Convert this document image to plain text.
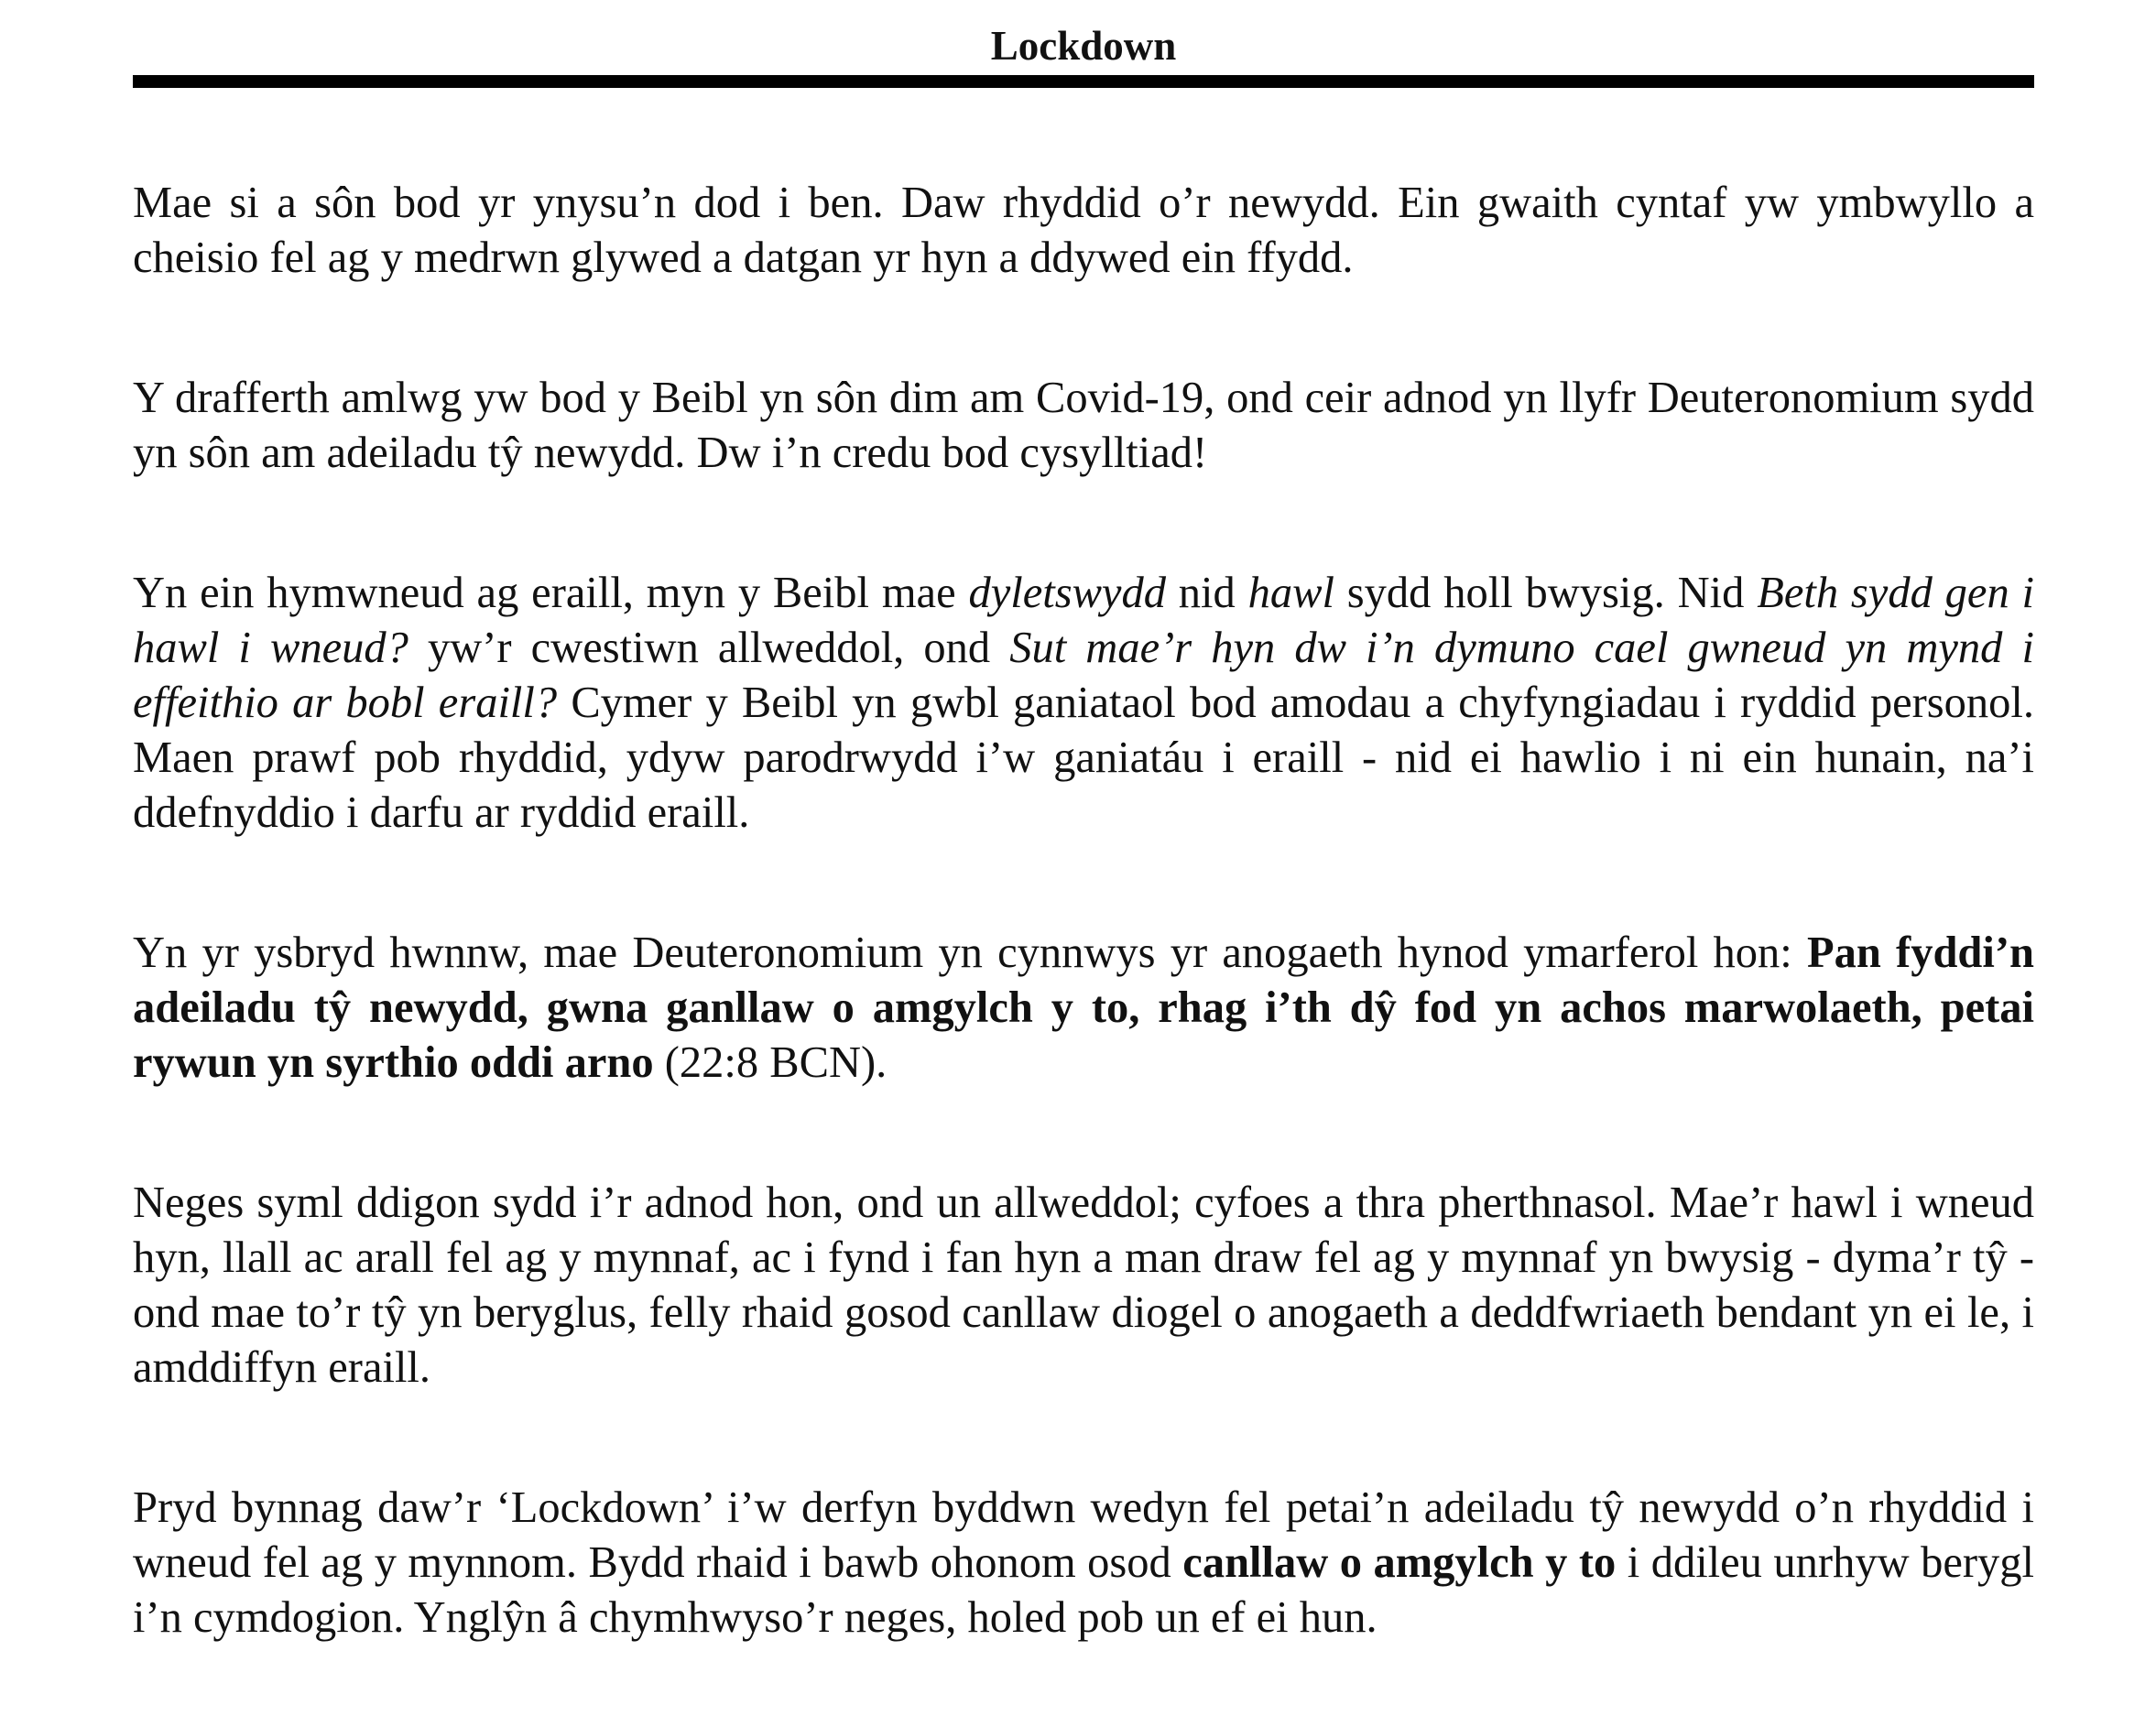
Lockdown

Mae si a sôn bod yr ynysu’n dod i ben. Daw rhyddid o’r newydd. Ein gwaith cyntaf yw ymbwyllo a cheisio fel ag y medrwn glywed a datgan yr hyn a ddywed ein ffydd.

Y drafferth amlwg yw bod y Beibl yn sôn dim am Covid-19, ond ceir adnod yn llyfr Deuteronomium sydd yn sôn am adeiladu tŷ newydd. Dw i’n credu bod cysylltiad!

Yn ein hymwneud ag eraill, myn y Beibl mae dyletswydd nid hawl sydd holl bwysig. Nid Beth sydd gen i hawl i wneud? yw’r cwestiwn allweddol, ond Sut mae’r hyn dw i’n dymuno cael gwneud yn mynd i effeithio ar bobl eraill? Cymer y Beibl yn gwbl ganiataol bod amodau a chyfyngiadau i ryddid personol. Maen prawf pob rhyddid, ydyw parodrwydd i’w ganiatáu i eraill - nid ei hawlio i ni ein hunain, na’i ddefnyddio i darfu ar ryddid eraill.

Yn yr ysbryd hwnnw, mae Deuteronomium yn cynnwys yr anogaeth hynod ymarferol hon: Pan fyddi’n adeiladu tŷ newydd, gwna ganllaw o amgylch y to, rhag i’th dŷ fod yn achos marwolaeth, petai rywun yn syrthio oddi arno (22:8 BCN).

Neges syml ddigon sydd i’r adnod hon, ond un allweddol; cyfoes a thra pherthnasol. Mae’r hawl i wneud hyn, llall ac arall fel ag y mynnaf, ac i fynd i fan hyn a man draw fel ag y mynnaf yn bwysig - dyma’r tŷ - ond mae to’r tŷ yn beryglus, felly rhaid gosod canllaw diogel o anogaeth a deddfwriaeth bendant yn ei le, i amddiffyn eraill.

Pryd bynnag daw’r ‘Lockdown’ i’w derfyn byddwn wedyn fel petai’n adeiladu tŷ newydd o’n rhyddid i wneud fel ag y mynnom. Bydd rhaid i bawb ohonom osod canllaw o amgylch y to i ddileu unrhyw berygl i’n cymdogion. Ynglŷn â chymhwyso’r neges, holed pob un ef ei hun.
